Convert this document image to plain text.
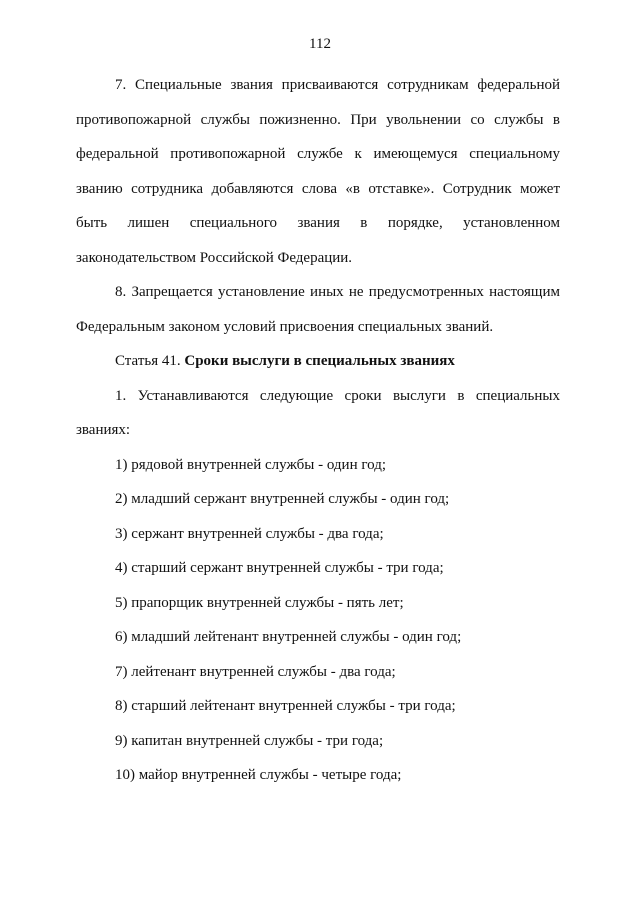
112
7. Специальные звания присваиваются сотрудникам федеральной
противопожарной службы пожизненно. При увольнении со службы в
федеральной противопожарной службе к имеющемуся специальному
званию сотрудника добавляются слова «в отставке». Сотрудник может
быть лишен специального звания в порядке, установленном
законодательством Российской Федерации.
8. Запрещается установление иных не предусмотренных настоящим
Федеральным законом условий присвоения специальных званий.
Статья 41. Сроки выслуги в специальных званиях
1. Устанавливаются следующие сроки выслуги в специальных
званиях:
1) рядовой внутренней службы - один год;
2) младший сержант внутренней службы - один год;
3) сержант внутренней службы - два года;
4) старший сержант внутренней службы - три года;
5) прапорщик внутренней службы - пять лет;
6) младший лейтенант внутренней службы - один год;
7) лейтенант внутренней службы - два года;
8) старший лейтенант внутренней службы - три года;
9) капитан внутренней службы - три года;
10) майор внутренней службы - четыре года;
